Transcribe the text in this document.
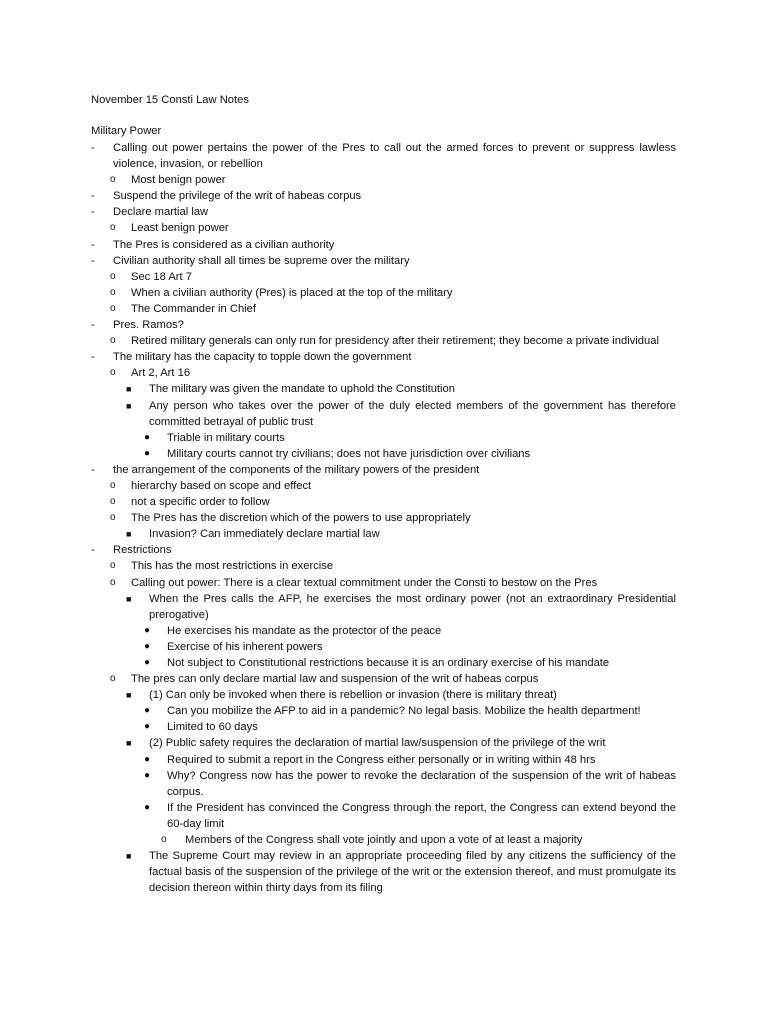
November 15 Consti Law Notes
Military Power
- Calling out power pertains the power of the Pres to call out the armed forces to prevent or suppress lawless violence, invasion, or rebellion
o Most benign power
- Suspend the privilege of the writ of habeas corpus
- Declare martial law
o Least benign power
- The Pres is considered as a civilian authority
- Civilian authority shall all times be supreme over the military
o Sec 18 Art 7
o When a civilian authority (Pres) is placed at the top of the military
o The Commander in Chief
- Pres. Ramos?
o Retired military generals can only run for presidency after their retirement; they become a private individual
- The military has the capacity to topple down the government
o Art 2, Art 16
■ The military was given the mandate to uphold the Constitution
■ Any person who takes over the power of the duly elected members of the government has therefore committed betrayal of public trust
● Triable in military courts
● Military courts cannot try civilians; does not have jurisdiction over civilians
- the arrangement of the components of the military powers of the president
o hierarchy based on scope and effect
o not a specific order to follow
o The Pres has the discretion which of the powers to use appropriately
■ Invasion? Can immediately declare martial law
- Restrictions
o This has the most restrictions in exercise
o Calling out power: There is a clear textual commitment under the Consti to bestow on the Pres
■ When the Pres calls the AFP, he exercises the most ordinary power (not an extraordinary Presidential prerogative)
● He exercises his mandate as the protector of the peace
● Exercise of his inherent powers
● Not subject to Constitutional restrictions because it is an ordinary exercise of his mandate
o The pres can only declare martial law and suspension of the writ of habeas corpus
■ (1) Can only be invoked when there is rebellion or invasion (there is military threat)
● Can you mobilize the AFP to aid in a pandemic? No legal basis. Mobilize the health department!
● Limited to 60 days
■ (2) Public safety requires the declaration of martial law/suspension of the privilege of the writ
● Required to submit a report in the Congress either personally or in writing within 48 hrs
● Why? Congress now has the power to revoke the declaration of the suspension of the writ of habeas corpus.
● If the President has convinced the Congress through the report, the Congress can extend beyond the 60-day limit
o Members of the Congress shall vote jointly and upon a vote of at least a majority
■ The Supreme Court may review in an appropriate proceeding filed by any citizens the sufficiency of the factual basis of the suspension of the privilege of the writ or the extension thereof, and must promulgate its decision thereon within thirty days from its filing
